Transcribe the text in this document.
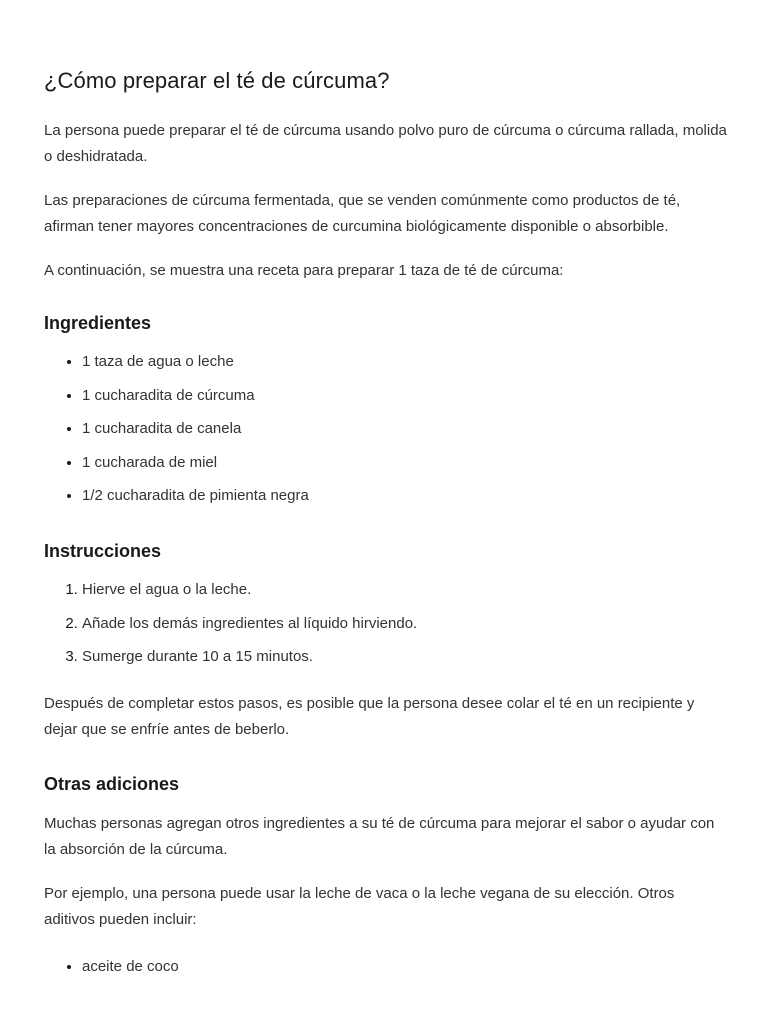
¿Cómo preparar el té de cúrcuma?

La persona puede preparar el té de cúrcuma usando polvo puro de cúrcuma o cúrcuma rallada, molida o deshidratada.

Las preparaciones de cúrcuma fermentada, que se venden comúnmente como productos de té, afirman tener mayores concentraciones de curcumina biológicamente disponible o absorbible.

A continuación, se muestra una receta para preparar 1 taza de té de cúrcuma:

Ingredientes
• 1 taza de agua o leche
• 1 cucharadita de cúrcuma
• 1 cucharadita de canela
• 1 cucharada de miel
• 1/2 cucharadita de pimienta negra
Instrucciones
1. Hierve el agua o la leche.
2. Añade los demás ingredientes al líquido hirviendo.
3. Sumerge durante 10 a 15 minutos.

Después de completar estos pasos, es posible que la persona desee colar el té en un recipiente y dejar que se enfríe antes de beberlo.

Otras adiciones

Muchas personas agregan otros ingredientes a su té de cúrcuma para mejorar el sabor o ayudar con la absorción de la cúrcuma.

Por ejemplo, una persona puede usar la leche de vaca o la leche vegana de su elección. Otros aditivos pueden incluir:

• aceite de coco
